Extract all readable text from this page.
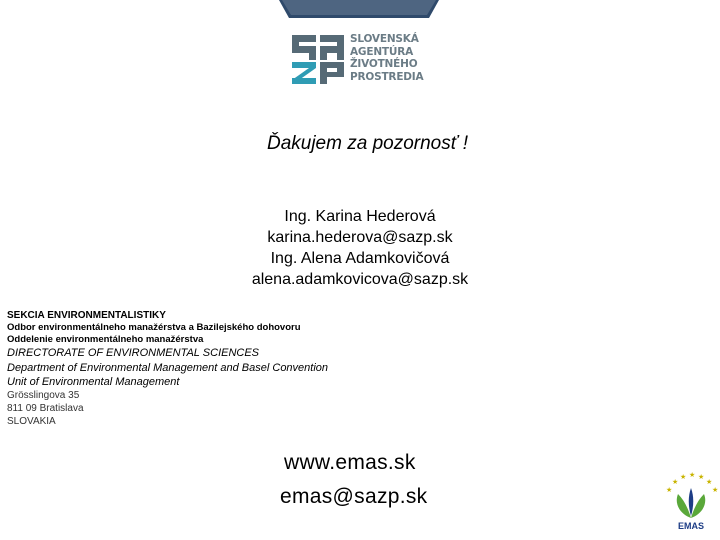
SLOVENSKÁ
AGENTÚRA
ŽIVOTNÉHO
PROSTREDIA
Ďakujem za pozornosť !
Ing. Karina Hederová
karina.hederova@sazp.sk
Ing. Alena Adamkovičová
alena.adamkovicova@sazp.sk
SEKCIA ENVIRONMENTALISTIKY
Odbor environmentálneho manažérstva a Bazilejského dohovoru
Oddelenie environmentálneho manažérstva
DIRECTORATE OF ENVIRONMENTAL SCIENCES
Department of Environmental Management and Basel Convention
Unit of Environmental Management
Grösslingova 35
811 09 Bratislava
SLOVAKIA
www.emas.sk
emas@sazp.sk
★
★ ★ ★
★
★	★
EMAS
